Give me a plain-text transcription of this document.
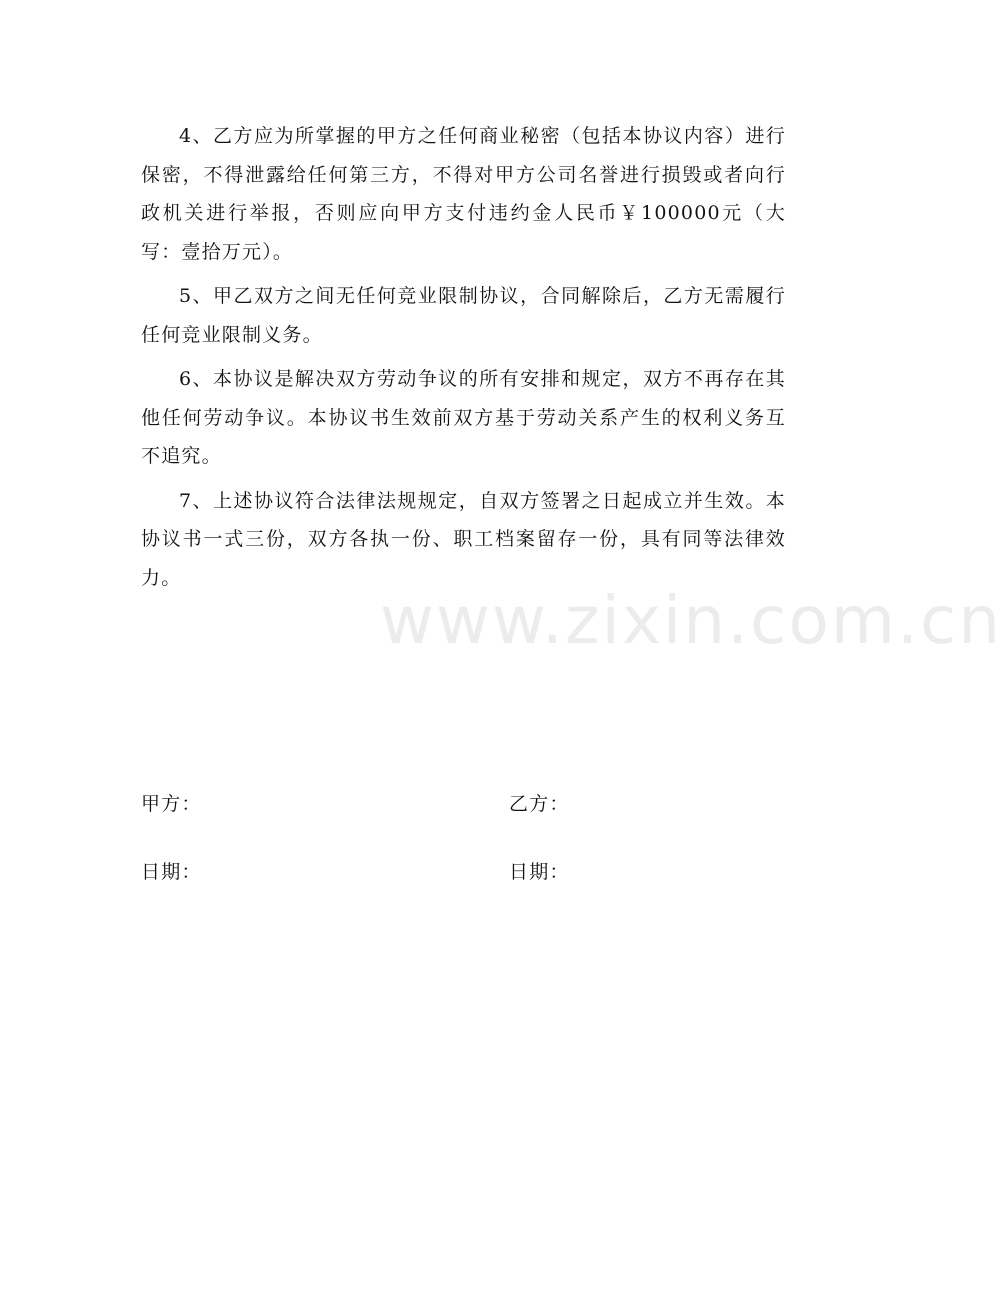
4、乙方应为所掌握的甲方之任何商业秘密（包括本协议内容）进行保密，不得泄露给任何第三方，不得对甲方公司名誉进行损毁或者向行政机关进行举报，否则应向甲方支付违约金人民币￥100000元（大写：壹拾万元）。

5、甲乙双方之间无任何竞业限制协议，合同解除后，乙方无需履行任何竞业限制义务。

6、本协议是解决双方劳动争议的所有安排和规定，双方不再存在其他任何劳动争议。本协议书生效前双方基于劳动关系产生的权利义务互不追究。

7、上述协议符合法律法规规定，自双方签署之日起成立并生效。本协议书一式三份，双方各执一份、职工档案留存一份，具有同等法律效力。

www.zixin.com.cn
甲方：	乙方：
日期：	日期：
